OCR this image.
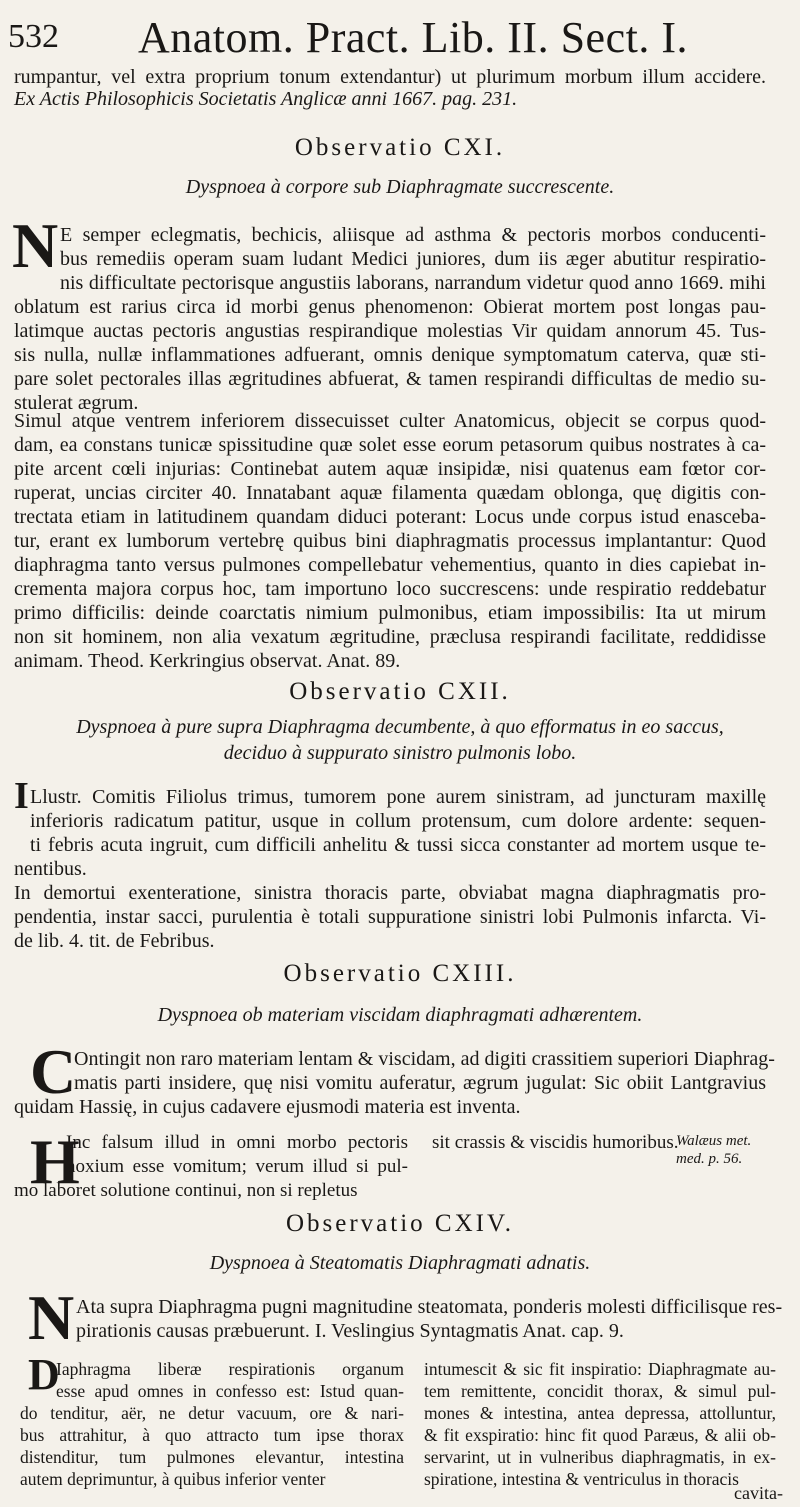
532 Anatom. Pract. Lib. II. Sect. I.
rumpantur, vel extra proprium tonum extendantur) ut plurimum morbum illum accidere.
Ex Actis Philosophicis Societatis Anglicæ anni 1667. pag. 231.
Observatio CXI.
Dyspnoea à corpore sub Diaphragmate succrescente.
N E semper eclegmatis, bechicis, aliisque ad asthma & pectoris morbos conducenti-
bus remediis operam suam ludant Medici juniores, dum iis æger abutitur respiratio-
nis difficultate pectorisque angustiis laborans, narrandum videtur quod anno 1669. mihi
oblatum est rarius circa id morbi genus phenomenon: Obierat mortem post longas pau-
latimque auctas pectoris angustias respirandique molestias Vir quidam annorum 45. Tus-
sis nulla, nullæ inflammationes adfuerant, omnis denique symptomatum caterva, quæ sti-
pare solet pectorales illas ægritudines abfuerat, & tamen respirandi difficultas de medio su-
stulerat ægrum.
Simul atque ventrem inferiorem dissecuisset culter Anatomicus, objecit se corpus quod-
dam, ea constans tunicæ spissitudine quæ solet esse eorum petasorum quibus nostrates à ca-
pite arcent cœli injurias: Continebat autem aquæ insipidæ, nisi quatenus eam fœtor cor-
ruperat, uncias circiter 40. Innatabant aquæ filamenta quædam oblonga, quę digitis con-
trectata etiam in latitudinem quandam diduci poterant: Locus unde corpus istud enascebа-
tur, erant ex lumborum vertebrę quibus bini diaphragmatis processus implantantur: Quod
diaphragma tanto versus pulmones compellebatur vehementius, quanto in dies capiebat in-
crementa majora corpus hoc, tam importuno loco succrescens: unde respiratio reddebatur
primo difficilis: deinde coarctatis nimium pulmonibus, etiam impossibilis: Ita ut mirum
non sit hominem, non alia vexatum ægritudine, præclusa respirandi facilitate, reddidisse
animam. Theod. Kerkringius observat. Anat. 89.
Observatio CXII.
Dyspnoea à pure supra Diaphragma decumbente, à quo efformatus in eo saccus,
deciduo à suppurato sinistro pulmonis lobo.
I Llustr. Comitis Filiolus trimus, tumorem pone aurem sinistram, ad juncturam maxillę
inferioris radicatum patitur, usque in collum protensum, cum dolore ardente: sequen-
ti febris acuta ingruit, cum difficili anhelitu & tussi sicca constanter ad mortem usque te-
nentibus.
In demortui exenteratione, sinistra thoracis parte, obviabat magna diaphragmatis pro-
pendentia, instar sacci, purulentia è totali suppuratione sinistri lobi Pulmonis infarcta. Vi-
de lib. 4. tit. de Febribus.
Observatio CXIII.
Dyspnoea ob materiam viscidam diaphragmati adhærentem.
C
Ontingit non raro materiam lentam & viscidam, ad digiti crassitiem superiori Diaphrag-
matis parti insidere, quę nisi vomitu auferatur, ægrum jugulat: Sic obiit Lantgravius
quidam Hassię, in cujus cadavere ejusmodi materia est inventa.
H
Inc falsum illud in omni morbo pectoris
noxium esse vomitum; verum illud si pul-
mo laboret solutione continui, non si repletus
sit crassis & viscidis humoribus.
Walæus met. med. p. 56.
Observatio CXIV.
Dyspnoea à Steatomatis Diaphragmati adnatis.
N Ata supra Diaphragma pugni magnitudine steatomata, ponderis molesti difficilisque res-
pirationis causas præbuerunt. I. Veslingius Syntagmatis Anat. cap. 9.
D
Iaphragma liberæ respirationis organum
esse apud omnes in confesso est: Istud quan-
do tenditur, aër, ne detur vacuum, ore & nari-
bus attrahitur, à quo attracto tum ipse thorax
distenditur, tum pulmones elevantur, intestina
autem deprimuntur, à quibus inferior venter
intumescit & sic fit inspiratio: Diaphragmate au-
tem remittente, concidit thorax, & simul pul-
mones & intestina, antea depressa, attolluntur,
& fit exspiratio: hinc fit quod Paræus, & alii ob-
servarint, ut in vulneribus diaphragmatis, in ex-
spiratione, intestina & ventriculus in thoracis
cavita-
